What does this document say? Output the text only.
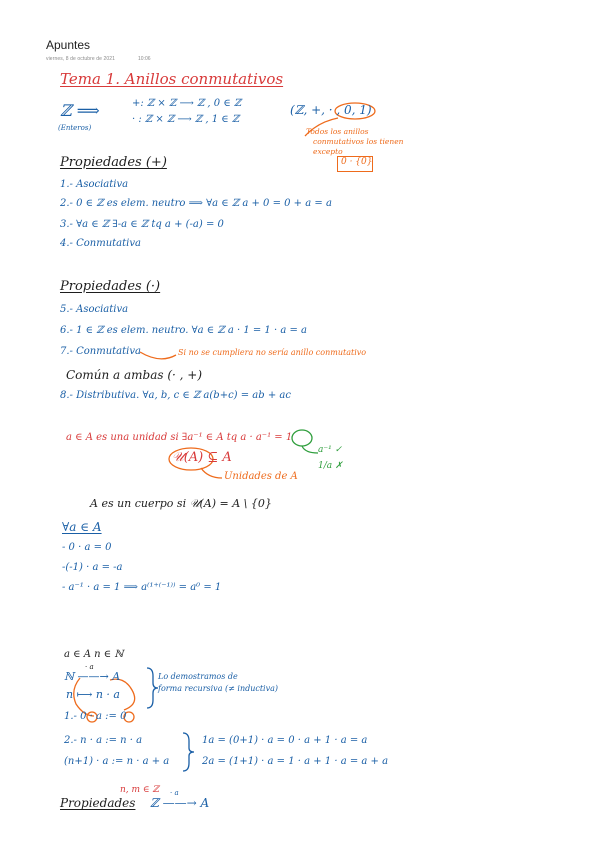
Apuntes
viernes, 8 de octubre de 2021	10:06
Tema 1. Anillos conmutativos
ℤ ⟹
(Enteros)
+: ℤ × ℤ ⟶ ℤ , 0 ∈ ℤ
· : ℤ × ℤ ⟶ ℤ , 1 ∈ ℤ
(ℤ, +, · , 0, 1)
Todos los anillos
conmutativos los tienen
excepto
0 · {0}
Propiedades (+)
1.- Asociativa
2.- 0 ∈ ℤ es elem. neutro ⟹ ∀a ∈ ℤ a + 0 = 0 + a = a
3.- ∀a ∈ ℤ ∃-a ∈ ℤ tq a + (-a) = 0
4.- Conmutativa
Propiedades (·)
5.- Asociativa
6.- 1 ∈ ℤ es elem. neutro. ∀a ∈ ℤ a · 1 = 1 · a = a
7.- Conmutativa	Si no se cumpliera no sería anillo conmutativo
Común a ambas (· , +)
8.- Distributiva. ∀a, b, c ∈ ℤ a(b+c) = ab + ac
a ∈ A es una unidad si ∃a⁻¹ ∈ A tq a · a⁻¹ = 1
𝒰(A) ⊆ A
Unidades de A
a⁻¹ ✓
1/a ✗
A es un cuerpo si 𝒰(A) = A \ {0}
∀a ∈ A
- 0 · a = 0
-(-1) · a = -a
- a⁻¹ · a = 1 ⟹ a⁽¹⁺⁽⁻¹⁾⁾ = a⁰ = 1
a ∈ A n ∈ ℕ
· a
ℕ ——→ A
n ⟼ n · a
Lo demostramos de
forma recursiva (≠ inductiva)
1.- 0 · a := 0
2.- n · a := n · a
(n+1) · a := n · a + a
1a = (0+1) · a = 0 · a + 1 · a = a
2a = (1+1) · a = 1 · a + 1 · a = a + a
n, m ∈ ℤ
Propiedades
· a
ℤ ——→ A
